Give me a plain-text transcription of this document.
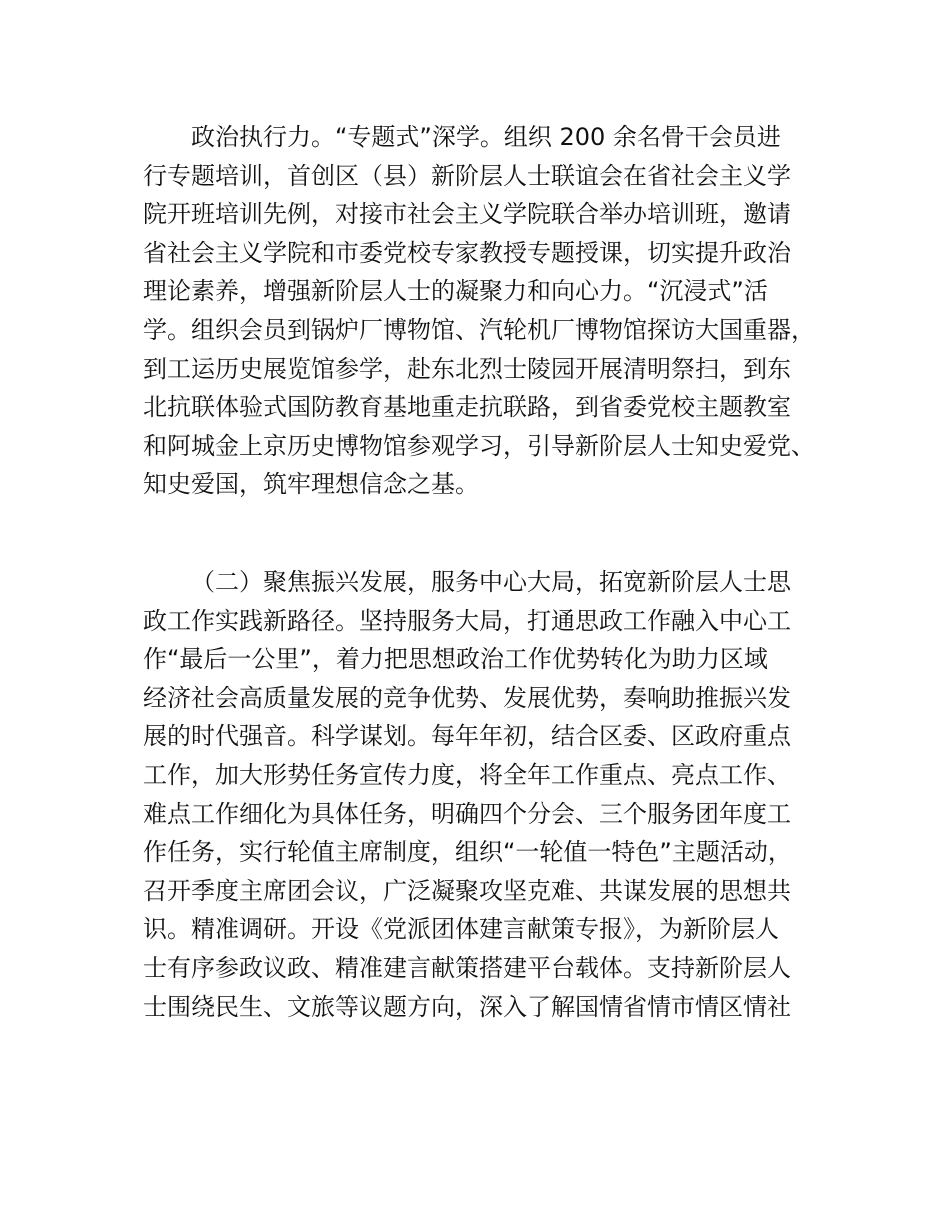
政治执行力。“专题式”深学。组织 200 余名骨干会员进
行专题培训，首创区（县）新阶层人士联谊会在省社会主义学
院开班培训先例，对接市社会主义学院联合举办培训班，邀请
省社会主义学院和市委党校专家教授专题授课，切实提升政治
理论素养，增强新阶层人士的凝聚力和向心力。“沉浸式”活
学。组织会员到锅炉厂博物馆、汽轮机厂博物馆探访大国重器，
到工运历史展览馆参学，赴东北烈士陵园开展清明祭扫，到东
北抗联体验式国防教育基地重走抗联路，到省委党校主题教室
和阿城金上京历史博物馆参观学习，引导新阶层人士知史爱党、
知史爱国，筑牢理想信念之基。
（二）聚焦振兴发展，服务中心大局，拓宽新阶层人士思
政工作实践新路径。坚持服务大局，打通思政工作融入中心工
作“最后一公里”，着力把思想政治工作优势转化为助力区域
经济社会高质量发展的竞争优势、发展优势，奏响助推振兴发
展的时代强音。科学谋划。每年年初，结合区委、区政府重点
工作，加大形势任务宣传力度，将全年工作重点、亮点工作、
难点工作细化为具体任务，明确四个分会、三个服务团年度工
作任务，实行轮值主席制度，组织“一轮值一特色”主题活动，
召开季度主席团会议，广泛凝聚攻坚克难、共谋发展的思想共
识。精准调研。开设《党派团体建言献策专报》，为新阶层人
士有序参政议政、精准建言献策搭建平台载体。支持新阶层人
士围绕民生、文旅等议题方向，深入了解国情省情市情区情社
